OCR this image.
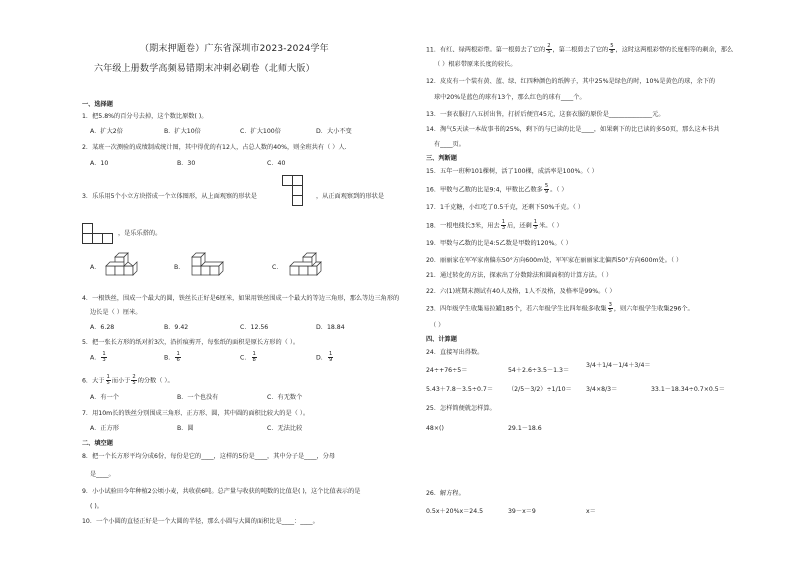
（期末押题卷）广东省深圳市2023-2024学年
六年级上册数学高频易错期末冲刺必刷卷（北师大版）
一、选择题
1．把5.8%的百分号去掉，这个数比原数( )。
A．扩大2倍	B．扩大10倍	C．扩大100倍	D．大小不变
2．某班一次测验的成绩制成统计图，其中得优的有12人，占总人数的40%，则全班共有（ ）人.
A．10	B．30	C．40
3．乐乐用5个小立方块搭成一个立体图形，从上面观察的形状是	，从正面观察到的形状是
，是乐乐搭的。
A．	B．	C．
4．一根铁丝，围成一个最大的圆，铁丝长正好是6厘米，如果用铁丝围成一个最大的等边三角形，那么等边三角形的
边长是（ ）厘米。
A．6.28	B．9.42	C．12.56	D．18.84
5．把一张长方形的纸对折3次，沿折痕剪开，每张纸的面积是原长方形的（ ）。
A． $\frac{1}{3}$	B． $\frac{1}{6}$	C． $\frac{1}{8}$	D． $\frac{1}{9}$
6．大于 $\frac{1}{5}$ 而小于 $\frac{2}{5}$ 的分数（ ）。
A．有一个	B．一个也没有	C．有无数个
7．用10m长的铁丝分别围成三角形、正方形、圆，其中圆的面积比较大的是（ ）。
A．正方形	B．圆	C．无法比较
二、填空题
8．把一个长方形平均分成6份，每份是它的____，这样的5份是____，其中分子是____，分母
是____。
9．小小试验田今年种植2公顷小麦，共收获6吨。总产量与收获的吨数的比值是( )，这个比值表示的是
( )。
10．一个小圆的直径正好是一个大圆的半径，那么小圆与大圆的面积比是____：____。
11．有红、绿两根彩带。第一根剪去了它的 $\frac{2}{5}$ ，第二根剪去了它的 $\frac{5}{8}$ ，这时这两根彩带的长度相等的剩余，那么
（ ）根彩带原来长度的较长。
12．皮皮有一个装有黄、蓝、绿、红四种颜色的纸牌子，其中25%是绿色的时，10%是黄色的球，余下的
球中20%是蓝色的球有13个，那么红色的球有____个。
13．一套衣服打八五折出售，打折后便宜45元，这套衣服的原价是______________元。
14．淘气5天读一本故事书的25%，剩下的与已读的比是____，如果剩下的比已读的多50页，那么这本书共
有____页。
三、判断题
15．五年一班种101棵树，活了100棵，成活率是100%。（ ）
16．甲数与乙数的比是9:4，甲数比乙数多 $\frac{5}{9}$ 。（ ）
17．1千克糖，小红吃了0.5千克，还剩下50%千克。（ ）
18．一根电线长3米，用去 $\frac{1}{3}$ 后，还剩 $\frac{1}{3}$ 米。（ ）
19．甲数与乙数的比是4:5乙数是甲数的120%。（ ）
20．丽丽家在军军家南偏东50°方向600m处，军军家在丽丽家北偏西50°方向600m处。（ ）
21．通过转化的方法，探索出了分数除法和圆面积的计算方法。（ ）
22．六(1)班期末测试有40人及格，1人不及格，及格率是99%。（ ）
23．四年级学生收集易拉罐185个，若六年级学生比四年级多收集 $\frac{3}{5}$ ，则六年级学生收集296个。
（ ）
四、计算题
24．直接写出得数。
24÷+76÷5＝	54＋2.6÷3.5－1.3＝
3/4＋1/4－1/4＋3/4＝
5.43＋7.8－3.5÷0.7＝ （2/5－3/2）÷1/10＝ 3/4×8/3＝	33.1－18.34÷0.7×0.5＝
25．怎样简便就怎样算。
48×()	29.1－18.6
26．解方程。
0.5x＋20%x＝24.5	39－x＝9	x＝
